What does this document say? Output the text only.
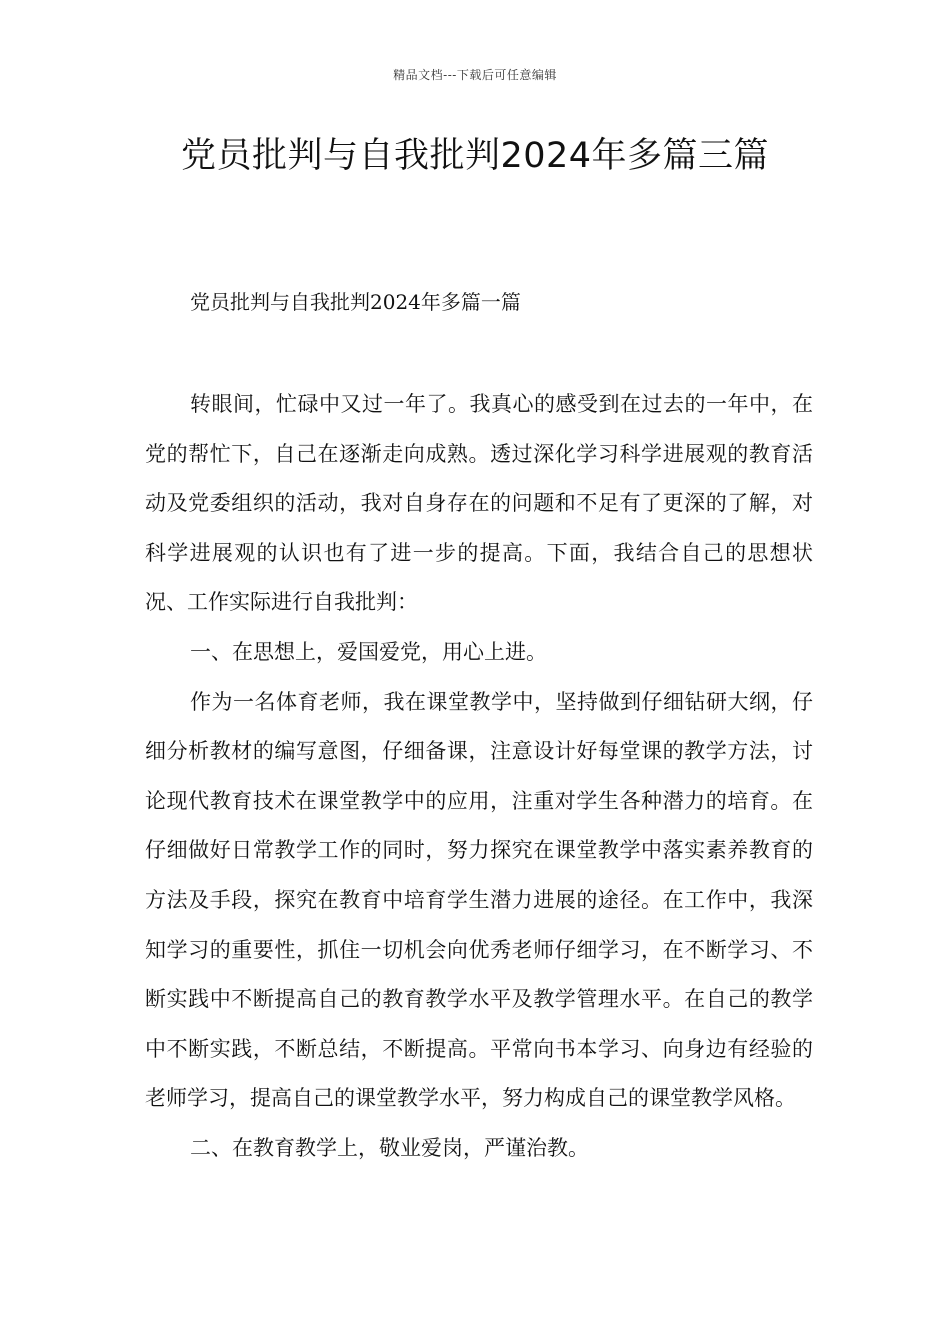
精品文档---下载后可任意编辑
党员批判与自我批判2024年多篇三篇
党员批判与自我批判2024年多篇一篇

转眼间，忙碌中又过一年了。我真心的感受到在过去的一年中，在党的帮忙下，自己在逐渐走向成熟。透过深化学习科学进展观的教育活动及党委组织的活动，我对自身存在的问题和不足有了更深的了解，对科学进展观的认识也有了进一步的提高。下面，我结合自己的思想状况、工作实际进行自我批判：

一、在思想上，爱国爱党，用心上进。

作为一名体育老师，我在课堂教学中，坚持做到仔细钻研大纲，仔细分析教材的编写意图，仔细备课，注意设计好每堂课的教学方法，讨论现代教育技术在课堂教学中的应用，注重对学生各种潜力的培育。在仔细做好日常教学工作的同时，努力探究在课堂教学中落实素养教育的方法及手段，探究在教育中培育学生潜力进展的途径。在工作中，我深知学习的重要性，抓住一切机会向优秀老师仔细学习，在不断学习、不断实践中不断提高自己的教育教学水平及教学管理水平。在自己的教学中不断实践，不断总结，不断提高。平常向书本学习、向身边有经验的老师学习，提高自己的课堂教学水平，努力构成自己的课堂教学风格。

二、在教育教学上，敬业爱岗，严谨治教。
